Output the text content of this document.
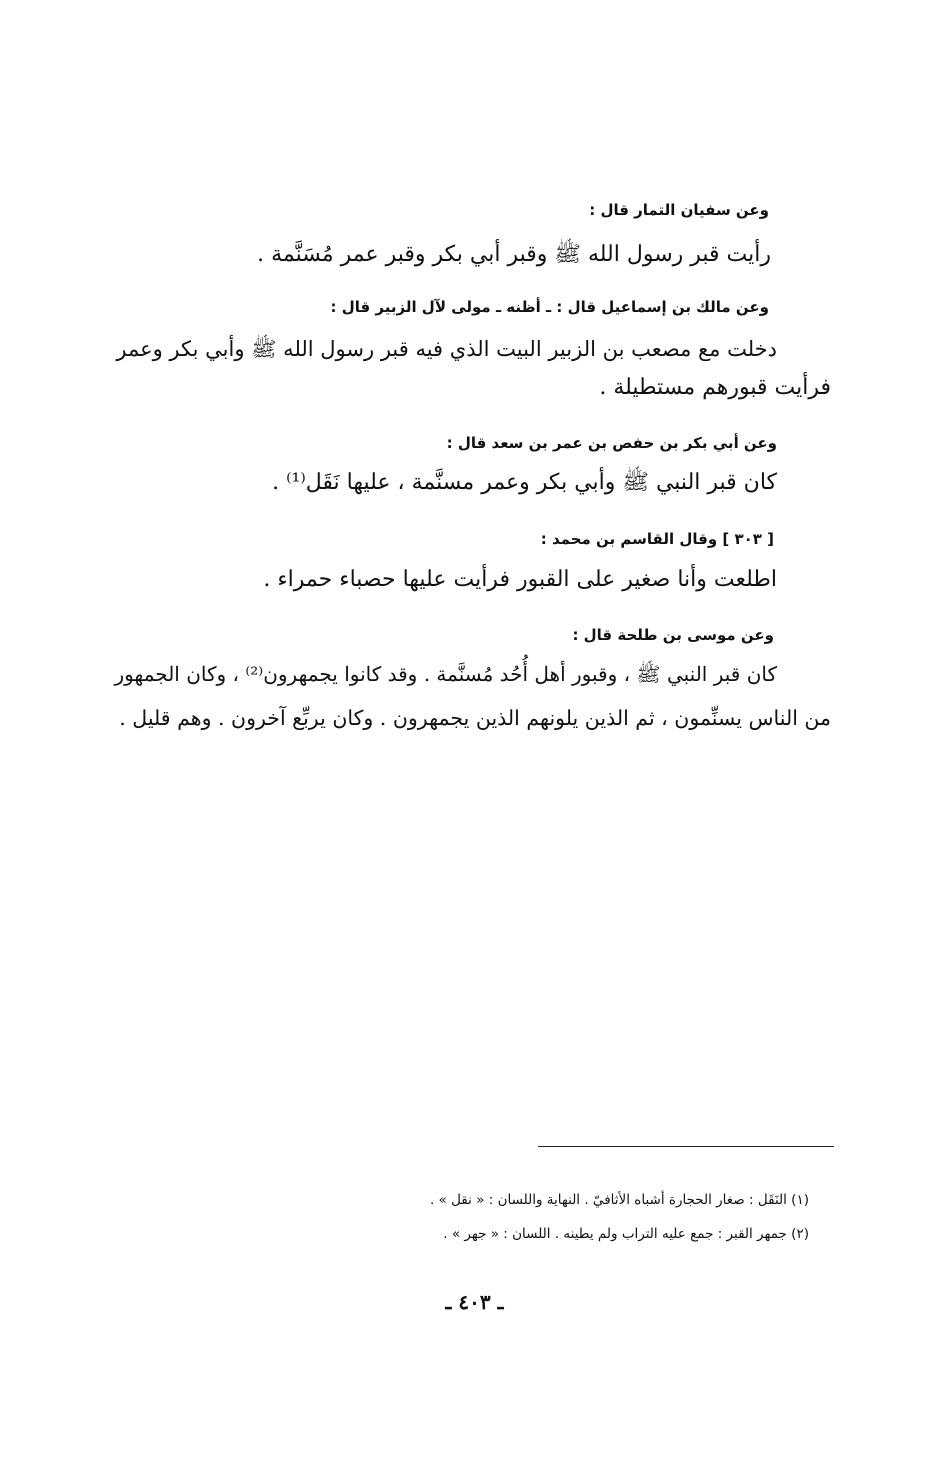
وعن سفيان التمار قال :
رأيت قبر رسول الله ﷺ وقبر أبي بكر وقبر عمر مُسَنَّمة .
وعن مالك بن إسماعيل قال : ـ أظنه ـ مولى لآل الزبير قال :
دخلت مع مصعب بن الزبير البيت الذي فيه قبر رسول الله ﷺ وأبي بكر وعمر
فرأيت قبورهم مستطيلة .
وعن أبي بكر بن حفص بن عمر بن سعد قال :
كان قبر النبي ﷺ وأبي بكر وعمر مسنَّمة ، عليها نَقَل⁽¹⁾ .
[ ٣٠٣ ] وقال القاسم بن محمد :
اطلعت وأنا صغير على القبور فرأيت عليها حصباء حمراء .
وعن موسى بن طلحة قال :
كان قبر النبي ﷺ ، وقبور أهل أُحُد مُسنَّمة . وقد كانوا يجمهرون⁽²⁾ ، وكان الجمهور
من الناس يسنِّمون ، ثم الذين يلونهم الذين يجمهرون . وكان يربِّع آخرون . وهم قليل .
(١) النَقَل : صغار الحجارة أشباه الأثافيّ . النهاية واللسان : « نقل » .
(٢) جمهر القبر : جمع عليه التراب ولم يطينه . اللسان : « جهر » .
ـ ٤٠٣ ـ
